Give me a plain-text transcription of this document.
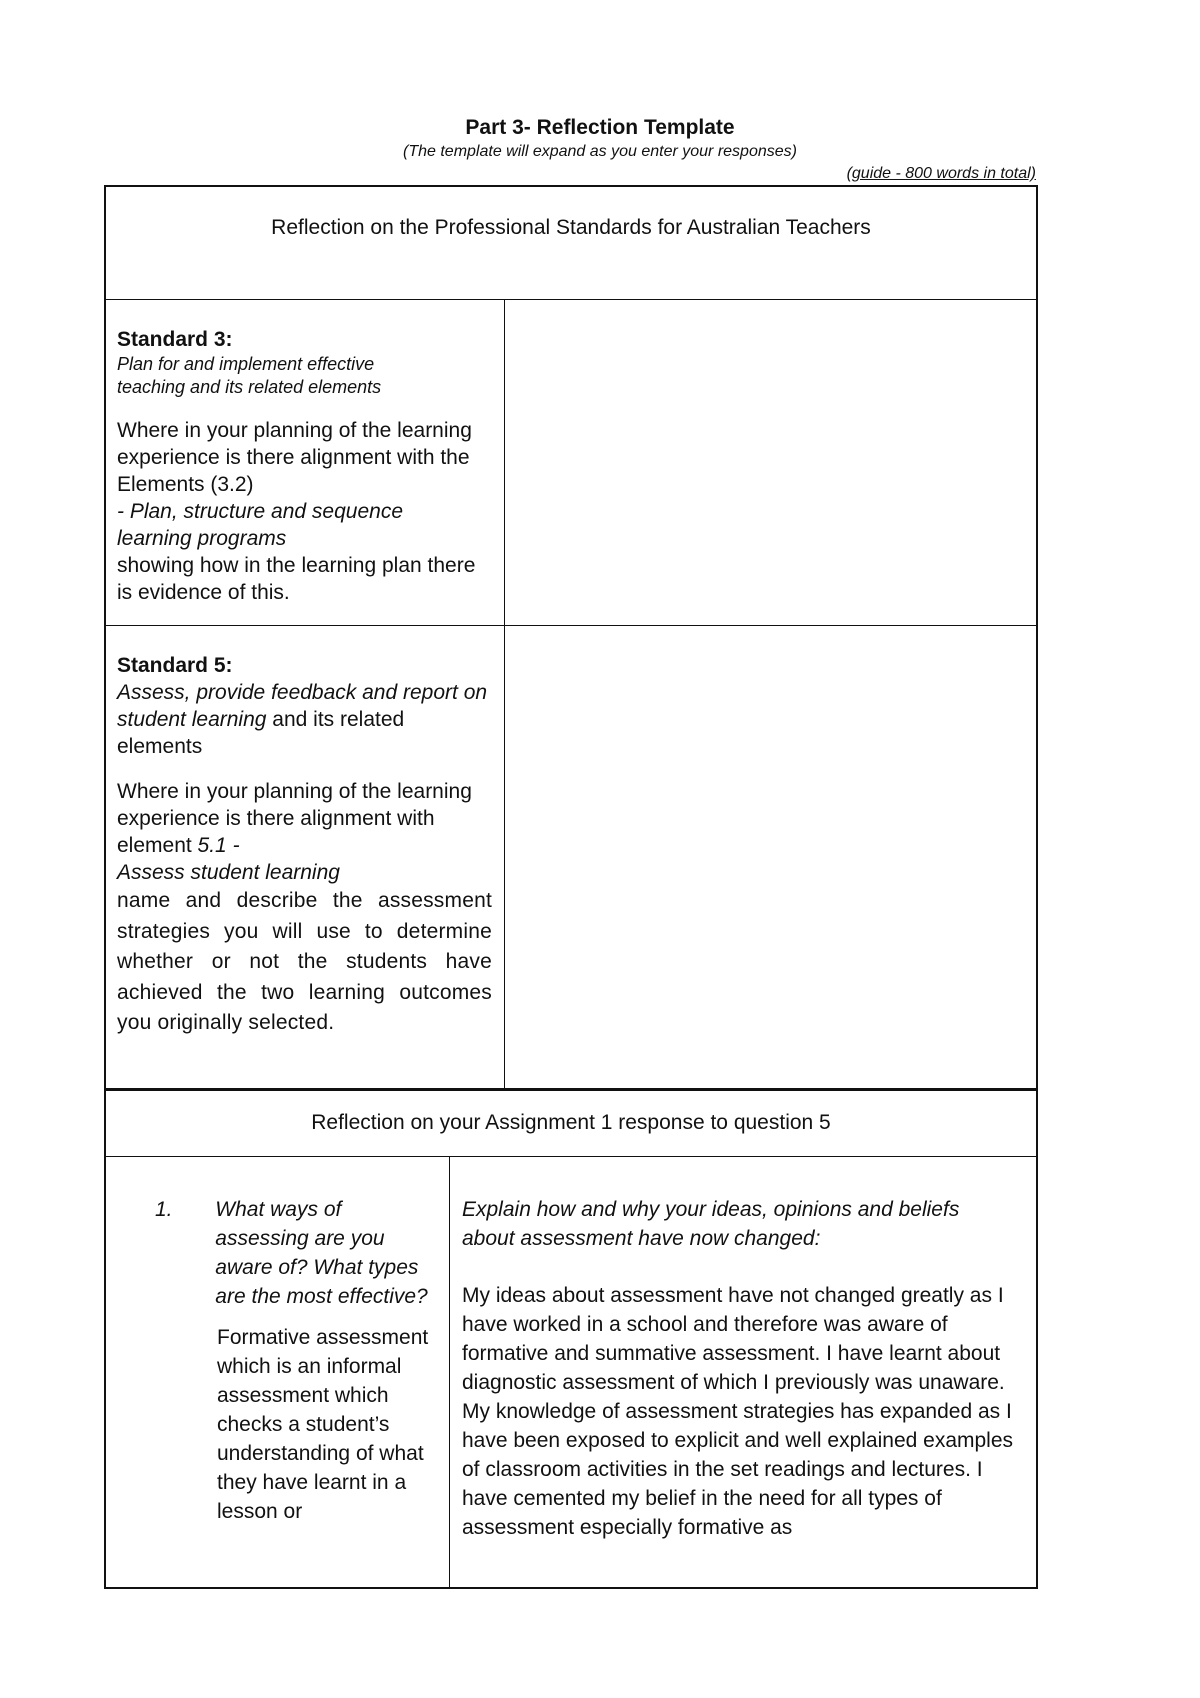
Part 3- Reflection Template
(The template will expand as you enter your responses)
(guide - 800 words in total)
Reflection on the Professional Standards for Australian Teachers

Standard 3:

Plan for and implement effective teaching and its related elements

Where in your planning of the learning experience is there alignment with the Elements (3.2)

- Plan, structure and sequence learning programs

showing how in the learning plan there is evidence of this.

Standard 5:

Assess, provide feedback and report on student learning and its related elements

Where in your planning of the learning experience is there alignment with element 5.1 -

Assess student learning

name and describe the assessment strategies you will use to determine whether or not the students have achieved the two learning outcomes you originally selected.

Reflection on your Assignment 1 response to question 5
1.	What ways of assessing are you aware of? What types are the most effective?
Formative assessment which is an informal assessment which checks a student’s understanding of what they have learnt in a lesson or

Explain how and why your ideas, opinions and beliefs about assessment have now changed:

My ideas about assessment have not changed greatly as I have worked in a school and therefore was aware of formative and summative assessment. I have learnt about diagnostic assessment of which I previously was unaware. My knowledge of assessment strategies has expanded as I have been exposed to explicit and well explained examples of classroom activities in the set readings and lectures. I have cemented my belief in the need for all types of assessment especially formative as
